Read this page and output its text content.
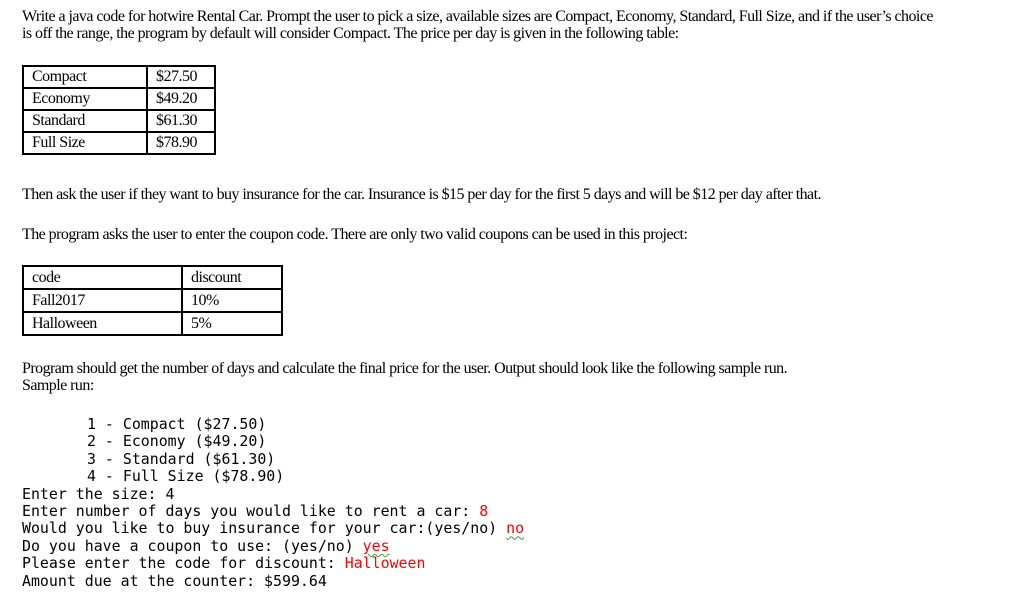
Write a java code for hotwire Rental Car. Prompt the user to pick a size, available sizes are Compact, Economy, Standard, Full Size, and if the user’s choice
is off the range, the program by default will consider Compact. The price per day is given in the following table:
Compact	$27.50
Economy	$49.20
Standard	$61.30
Full Size	$78.90
Then ask the user if they want to buy insurance for the car. Insurance is $15 per day for the first 5 days and will be $12 per day after that.
The program asks the user to enter the coupon code. There are only two valid coupons can be used in this project:
code	discount
Fall2017	10%
Halloween	5%
Program should get the number of days and calculate the final price for the user. Output should look like the following sample run.
Sample run:
1 - Compact ($27.50)
2 - Economy ($49.20)
3 - Standard ($61.30)
4 - Full Size ($78.90)
Enter the size: 4
Enter number of days you would like to rent a car: 8
Would you like to buy insurance for your car:(yes/no) no
Do you have a coupon to use: (yes/no) yes
Please enter the code for discount: Halloween
Amount due at the counter: $599.64
